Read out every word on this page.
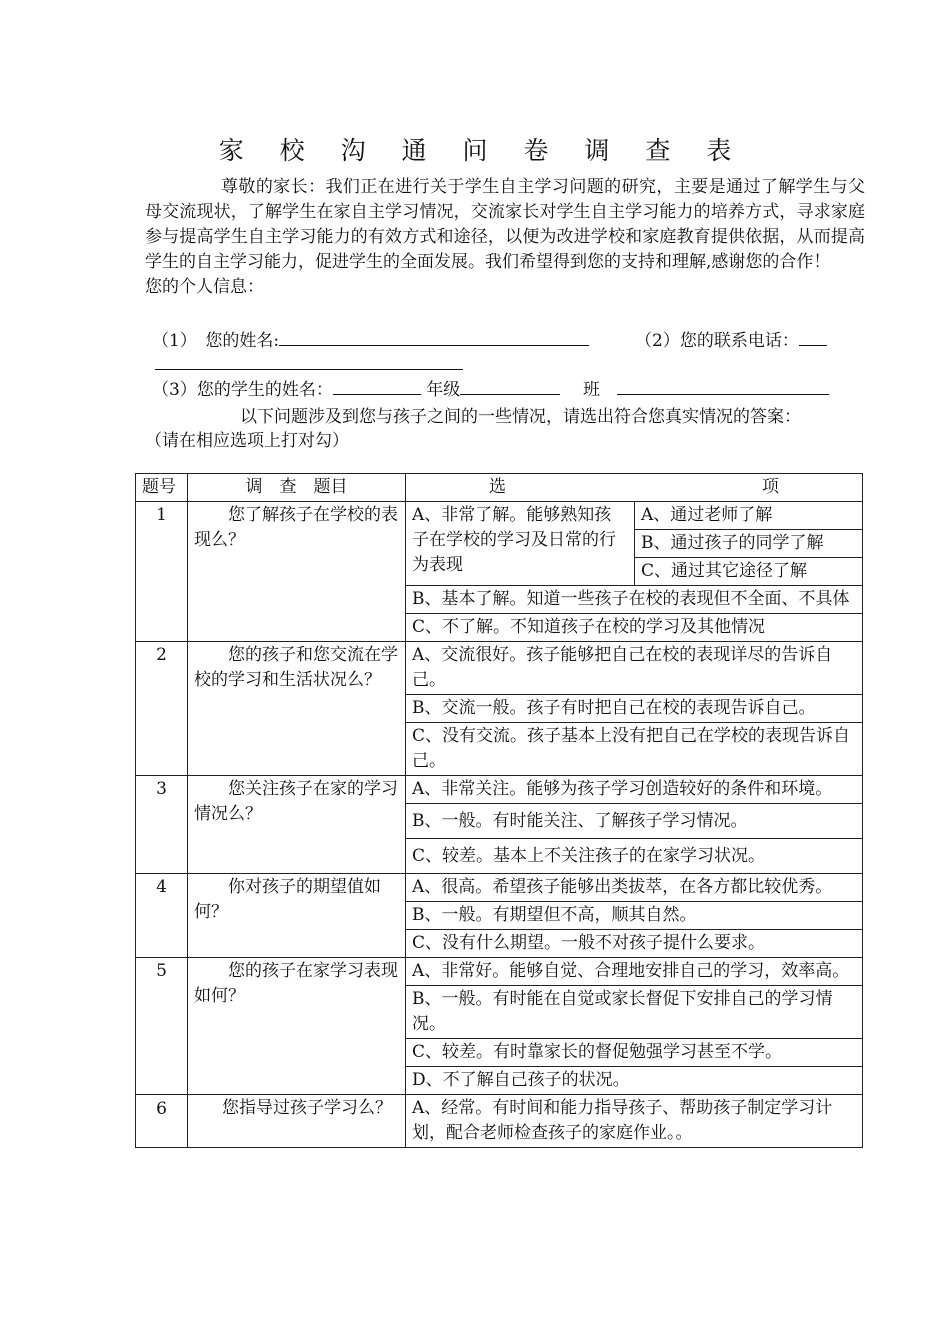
家 校 沟 通 问 卷 调 查 表

尊敬的家长：我们正在进行关于学生自主学习问题的研究，主要是通过了解学生与父母交流现状，了解学生在家自主学习情况，交流家长对学生自主学习能力的培养方式，寻求家庭参与提高学生自主学习能力的有效方式和途径，以便为改进学校和家庭教育提供依据，从而提高学生的自主学习能力，促进学生的全面发展。我们希望得到您的支持和理解,感谢您的合作！

您的个人信息：
（1）　您的姓名:	（2）您的联系电话：
（3）您的学生的姓名：	年级	班
以下问题涉及到您与孩子之间的一些情况，请选出符合您真实情况的答案：
（请在相应选项上打对勾）
题号	调　查　题目	选项	
1	您了解孩子在学校的表现么？	A、非常了解。能够熟知孩子在学校的学习及日常的行为表现	A、通过老师了解
			B、通过孩子的同学了解
			C、通过其它途径了解
		B、基本了解。知道一些孩子在校的表现但不全面、不具体	
		C、不了解。不知道孩子在校的学习及其他情况	
2	您的孩子和您交流在学校的学习和生活状况么？	A、交流很好。孩子能够把自己在校的表现详尽的告诉自己。	
		B、交流一般。孩子有时把自己在校的表现告诉自己。	
		C、没有交流。孩子基本上没有把自己在学校的表现告诉自己。	
3	您关注孩子在家的学习情况么？	A、非常关注。能够为孩子学习创造较好的条件和环境。	
		B、一般。有时能关注、了解孩子学习情况。	
		C、较差。基本上不关注孩子的在家学习状况。	
4	你对孩子的期望值如何？	A、很高。希望孩子能够出类拔萃，在各方都比较优秀。	
		B、一般。有期望但不高，顺其自然。	
		C、没有什么期望。一般不对孩子提什么要求。	
5	您的孩子在家学习表现如何？	A、非常好。能够自觉、合理地安排自己的学习，效率高。	
		B、一般。有时能在自觉或家长督促下安排自己的学习情况。	
		C、较差。有时靠家长的督促勉强学习甚至不学。	
		D、不了解自己孩子的状况。	
6	您指导过孩子学习么？	A、经常。有时间和能力指导孩子、帮助孩子制定学习计划，配合老师检查孩子的家庭作业。。	
